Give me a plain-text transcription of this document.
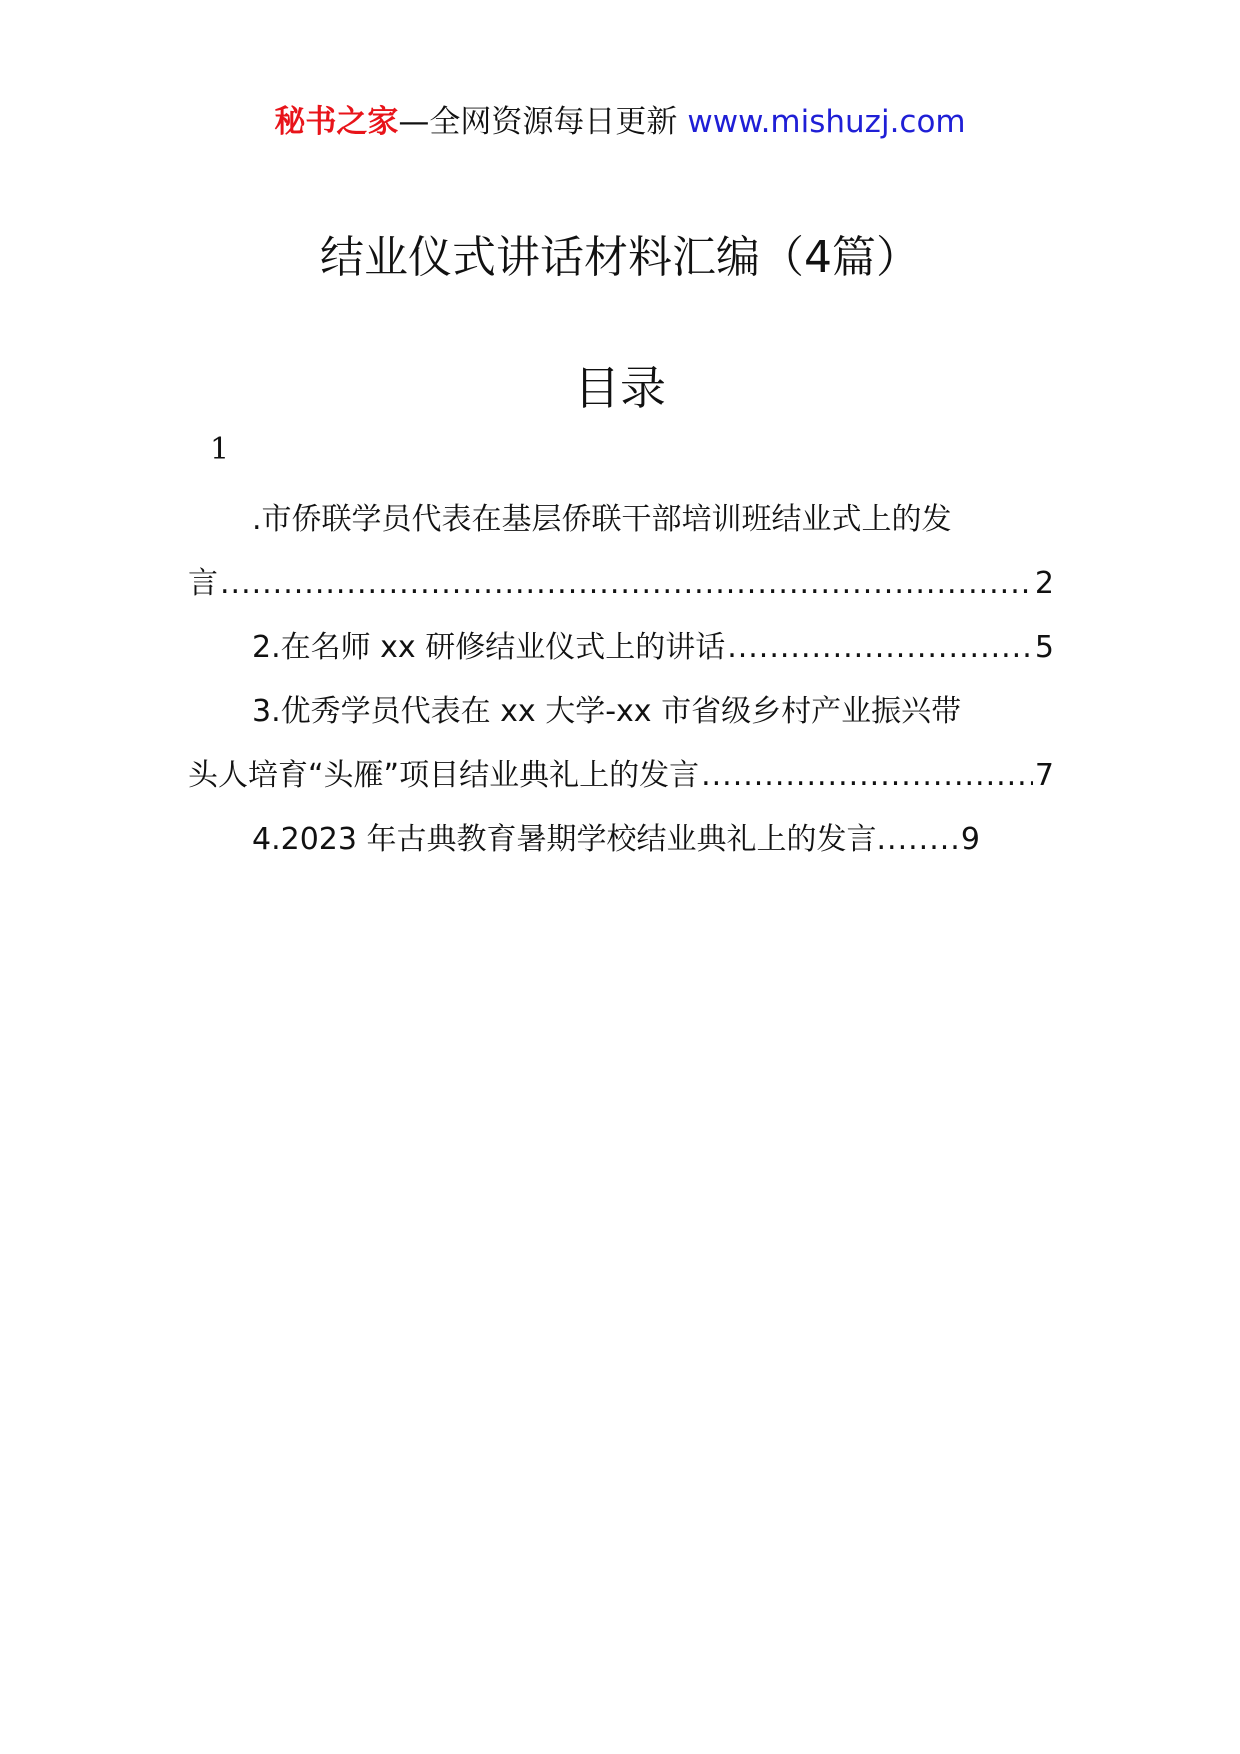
秘书之家—全网资源每日更新 www.mishuzj.com
结业仪式讲话材料汇编（4篇）
目录
1
.市侨联学员代表在基层侨联干部培训班结业式上的发
言 .....	2
2.在名师 xx 研修结业仪式上的讲话 .....	5
3.优秀学员代表在 xx 大学-xx 市省级乡村产业振兴带
头人培育“头雁”项目结业典礼上的发言 .....	7
4.2023 年古典教育暑期学校结业典礼上的发言 ........ 9
